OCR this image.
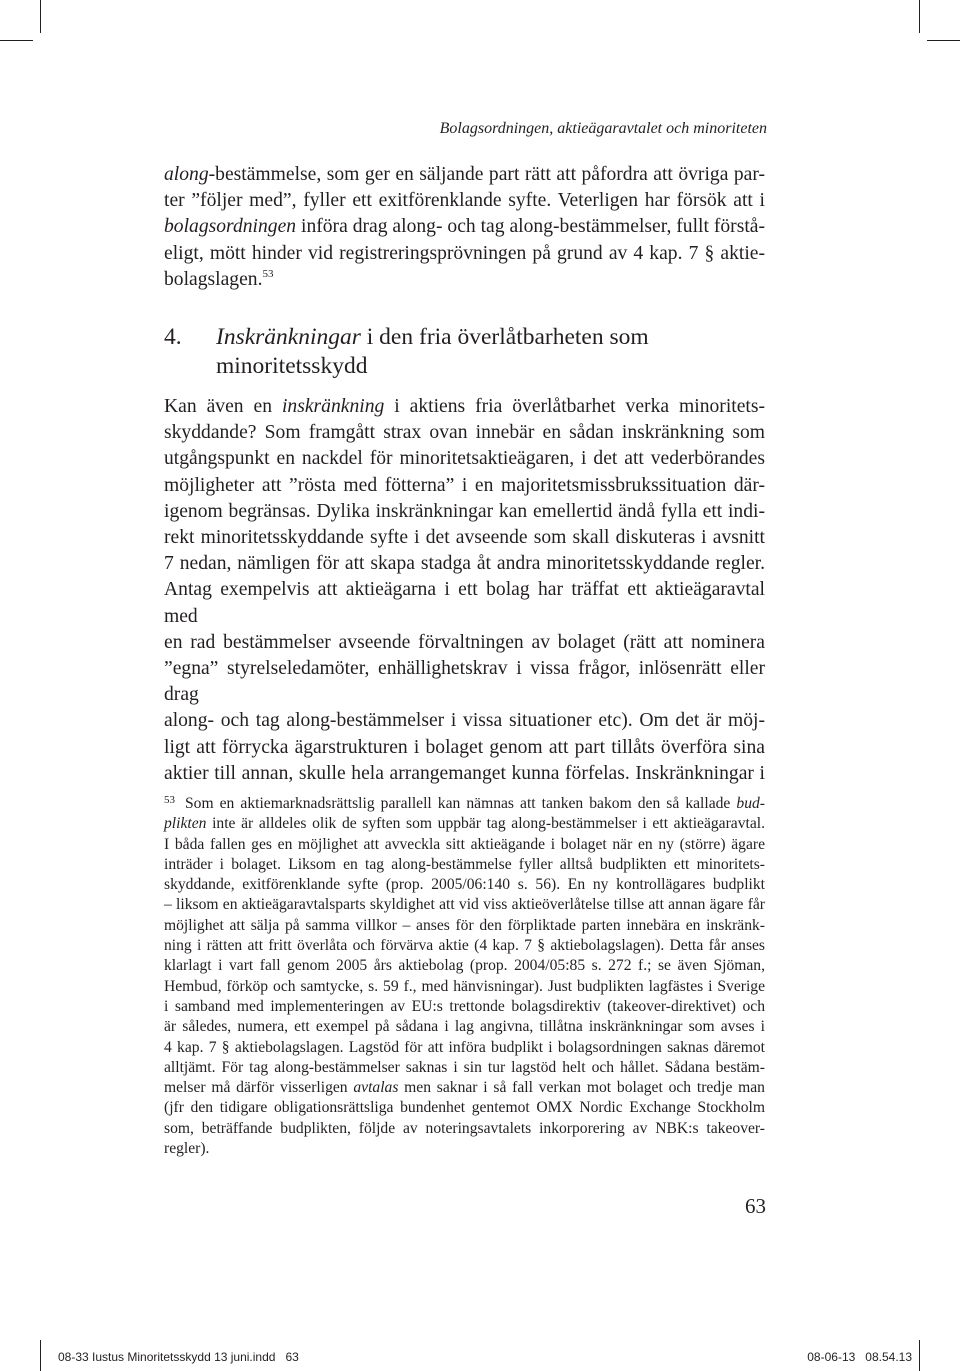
Bolagsordningen, aktieägaravtalet och minoriteten

along-bestämmelse, som ger en säljande part rätt att påfordra att övriga par-
ter ”följer med”, fyller ett exitförenklande syfte. Veterligen har försök att i
bolagsordningen införa drag along- och tag along-bestämmelser, fullt förstå-
eligt, mött hinder vid registreringsprövningen på grund av 4 kap. 7 § aktie-
bolagslagen.$^{53}$

4. Inskränkningar i den fria överlåtbarheten som
minoritetsskydd

Kan även en inskränkning i aktiens fria överlåtbarhet verka minoritets-
skyddande? Som framgått strax ovan innebär en sådan inskränkning som
utgångspunkt en nackdel för minoritetsaktieägaren, i det att vederbörandes
möjligheter att ”rösta med fötterna” i en majoritetsmissbrukssituation där-
igenom begränsas. Dylika inskränkningar kan emellertid ändå fylla ett indi-
rekt minoritetsskyddande syfte i det avseende som skall diskuteras i avsnitt
7 nedan, nämligen för att skapa stadga åt andra minoritetsskyddande regler.
Antag exempelvis att aktieägarna i ett bolag har träffat ett aktieägaravtal med
en rad bestämmelser avseende förvaltningen av bolaget (rätt att nominera
”egna” styrelseledamöter, enhällighetskrav i vissa frågor, inlösenrätt eller drag
along- och tag along-bestämmelser i vissa situationer etc). Om det är möj-
ligt att förrycka ägarstrukturen i bolaget genom att part tillåts överföra sina
aktier till annan, skulle hela arrangemanget kunna förfelas. Inskränkningar i

$^{53}$ Som en aktiemarknadsrättslig parallell kan nämnas att tanken bakom den så kallade bud-
plikten inte är alldeles olik de syften som uppbär tag along-bestämmelser i ett aktieägaravtal.
I båda fallen ges en möjlighet att avveckla sitt aktieägande i bolaget när en ny (större) ägare
inträder i bolaget. Liksom en tag along-bestämmelse fyller alltså budplikten ett minoritets-
skyddande, exitförenklande syfte (prop. 2005/06:140 s. 56). En ny kontrollägares budplikt
– liksom en aktieägaravtalsparts skyldighet att vid viss aktieöverlåtelse tillse att annan ägare får
möjlighet att sälja på samma villkor – anses för den förpliktade parten innebära en inskränk-
ning i rätten att fritt överlåta och förvärva aktie (4 kap. 7 § aktiebolagslagen). Detta får anses
klarlagt i vart fall genom 2005 års aktiebolag (prop. 2004/05:85 s. 272 f.; se även Sjöman,
Hembud, förköp och samtycke, s. 59 f., med hänvisningar). Just budplikten lagfästes i Sverige
i samband med implementeringen av EU:s trettonde bolagsdirektiv (takeover-direktivet) och
är således, numera, ett exempel på sådana i lag angivna, tillåtna inskränkningar som avses i
4 kap. 7 § aktiebolagslagen. Lagstöd för att införa budplikt i bolagsordningen saknas däremot
alltjämt. För tag along-bestämmelser saknas i sin tur lagstöd helt och hållet. Sådana bestäm-
melser må därför visserligen avtalas men saknar i så fall verkan mot bolaget och tredje man
(jfr den tidigare obligationsrättsliga bundenhet gentemot OMX Nordic Exchange Stockholm
som, beträffande budplikten, följde av noteringsavtalets inkorporering av NBK:s takeover-
regler).
63
08-33 Iustus Minoritetsskydd 13 juni.indd   63	08-06-13   08.54.13
